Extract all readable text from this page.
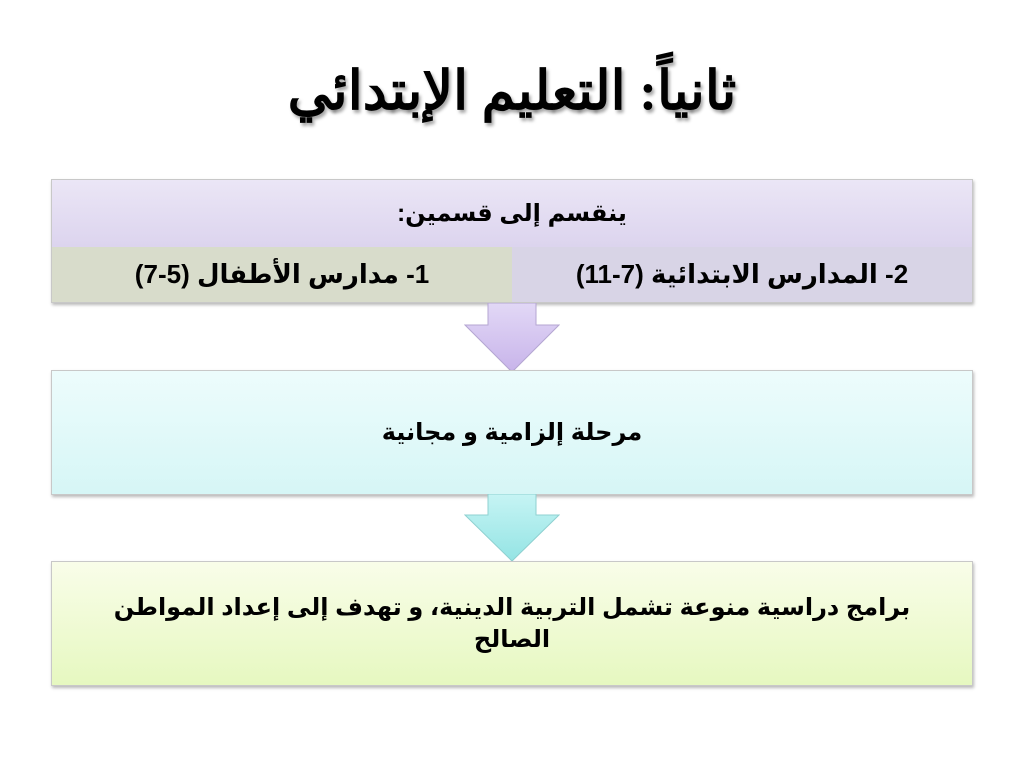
ثانياً: التعليم الإبتدائي
ينقسم إلى قسمين:
2- المدارس الابتدائية (7-11)
1- مدارس الأطفال (5-7)
مرحلة إلزامية و مجانية
برامج دراسية منوعة تشمل التربية الدينية، و تهدف إلى إعداد المواطن الصالح
